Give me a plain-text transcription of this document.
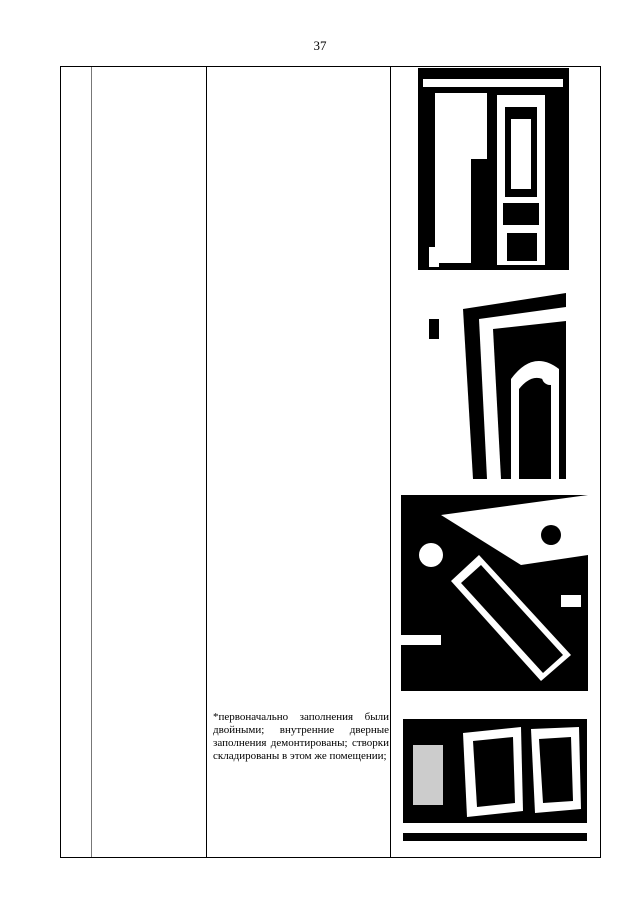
37
*первоначально заполнения были двойными; внутренние дверные заполнения демонтированы; створки складированы в этом же помещении;
